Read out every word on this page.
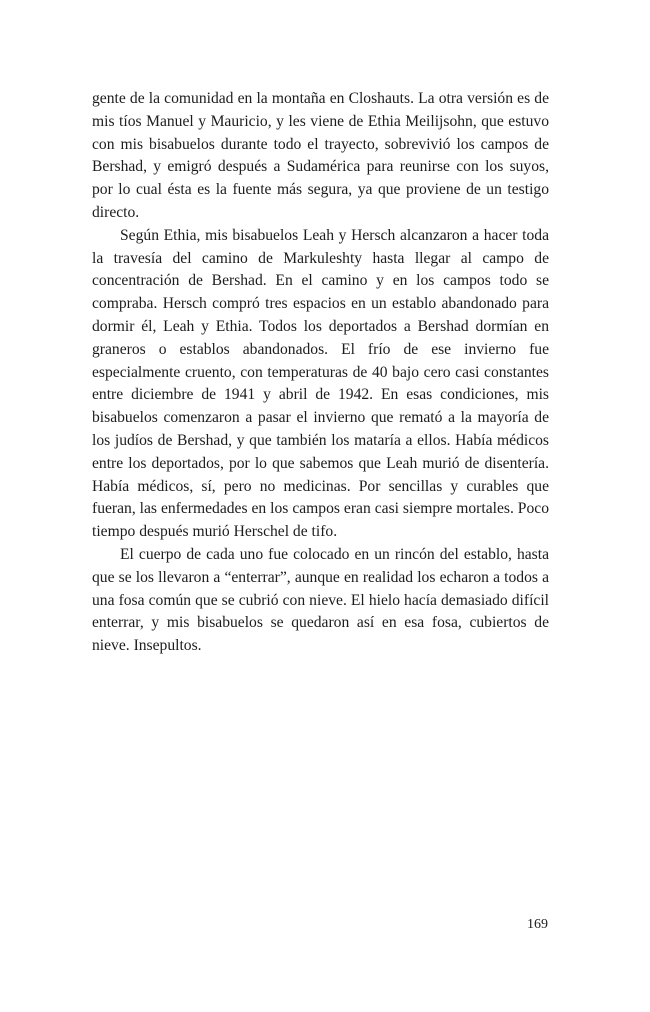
gente de la comunidad en la montaña en Closhauts. La otra versión es de mis tíos Manuel y Mauricio, y les viene de Ethia Meilijsohn, que estuvo con mis bisabuelos durante todo el trayecto, sobrevivió los campos de Bershad, y emigró después a Sudamérica para reunirse con los suyos, por lo cual ésta es la fuente más segura, ya que proviene de un testigo directo.

Según Ethia, mis bisabuelos Leah y Hersch alcanzaron a hacer toda la travesía del camino de Markuleshty hasta llegar al campo de concentración de Bershad. En el camino y en los campos todo se compraba. Hersch compró tres espacios en un establo abandonado para dormir él, Leah y Ethia. Todos los deportados a Bershad dormían en graneros o establos abandonados. El frío de ese invierno fue especialmente cruento, con temperaturas de 40 bajo cero casi constantes entre diciembre de 1941 y abril de 1942. En esas condiciones, mis bisabuelos comenzaron a pasar el invierno que remató a la mayoría de los judíos de Bershad, y que también los mataría a ellos. Había médicos entre los deportados, por lo que sabemos que Leah murió de disentería. Había médicos, sí, pero no medicinas. Por sencillas y curables que fueran, las enfermedades en los campos eran casi siempre mortales. Poco tiempo después murió Herschel de tifo.

El cuerpo de cada uno fue colocado en un rincón del establo, hasta que se los llevaron a “enterrar”, aunque en realidad los echaron a todos a una fosa común que se cubrió con nieve. El hielo hacía demasiado difícil enterrar, y mis bisabuelos se quedaron así en esa fosa, cubiertos de nieve. Insepultos.

169
